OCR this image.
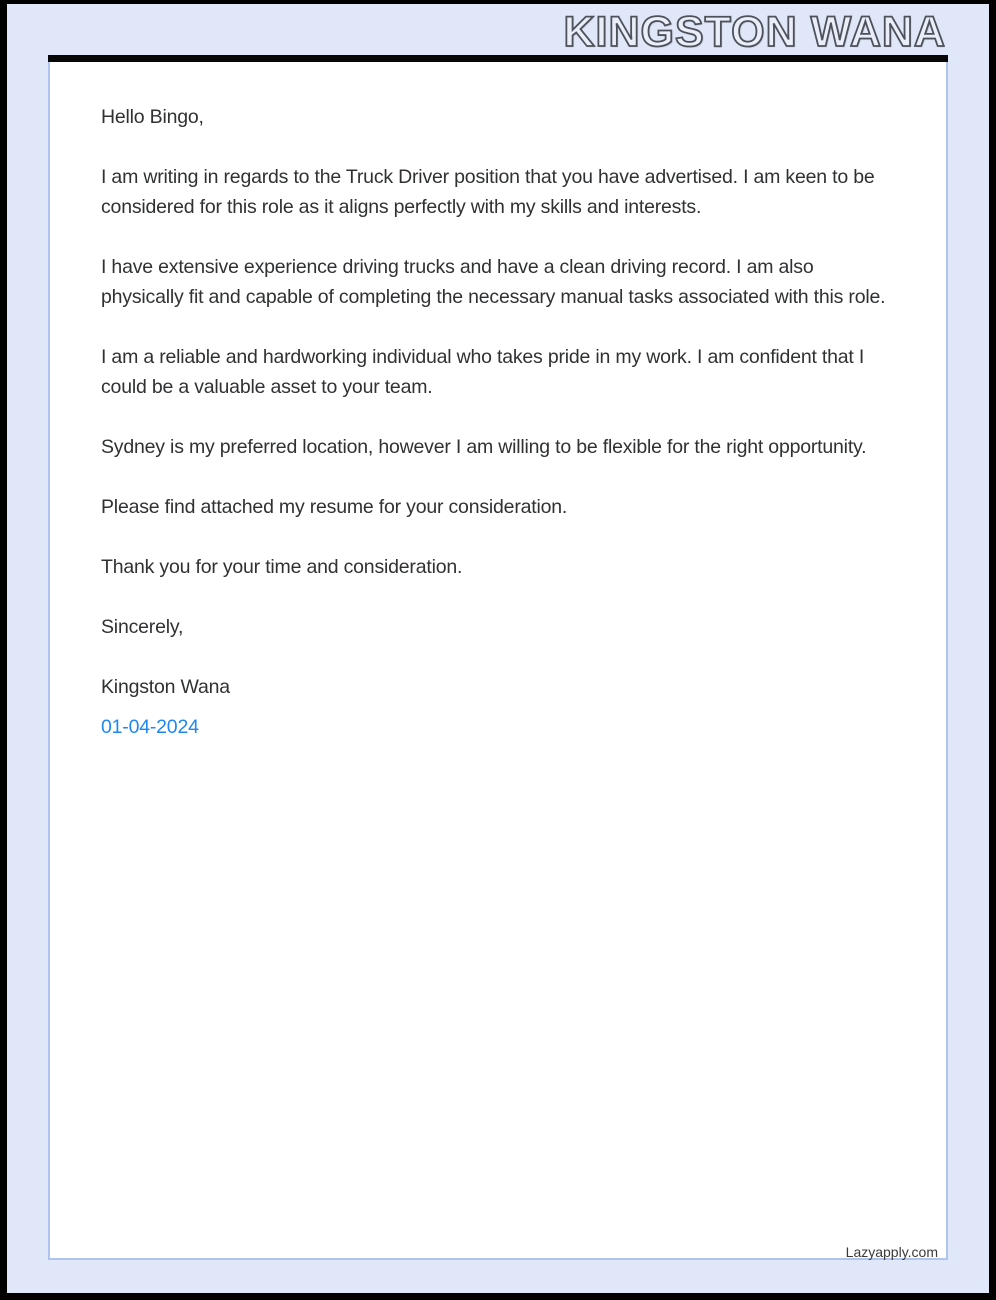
KINGSTON WANA

Hello Bingo,

I am writing in regards to the Truck Driver position that you have advertised. I am keen to be considered for this role as it aligns perfectly with my skills and interests.

I have extensive experience driving trucks and have a clean driving record. I am also physically fit and capable of completing the necessary manual tasks associated with this role.

I am a reliable and hardworking individual who takes pride in my work. I am confident that I could be a valuable asset to your team.

Sydney is my preferred location, however I am willing to be flexible for the right opportunity.

Please find attached my resume for your consideration.

Thank you for your time and consideration.

Sincerely,

Kingston Wana

01-04-2024
Lazyapply.com
